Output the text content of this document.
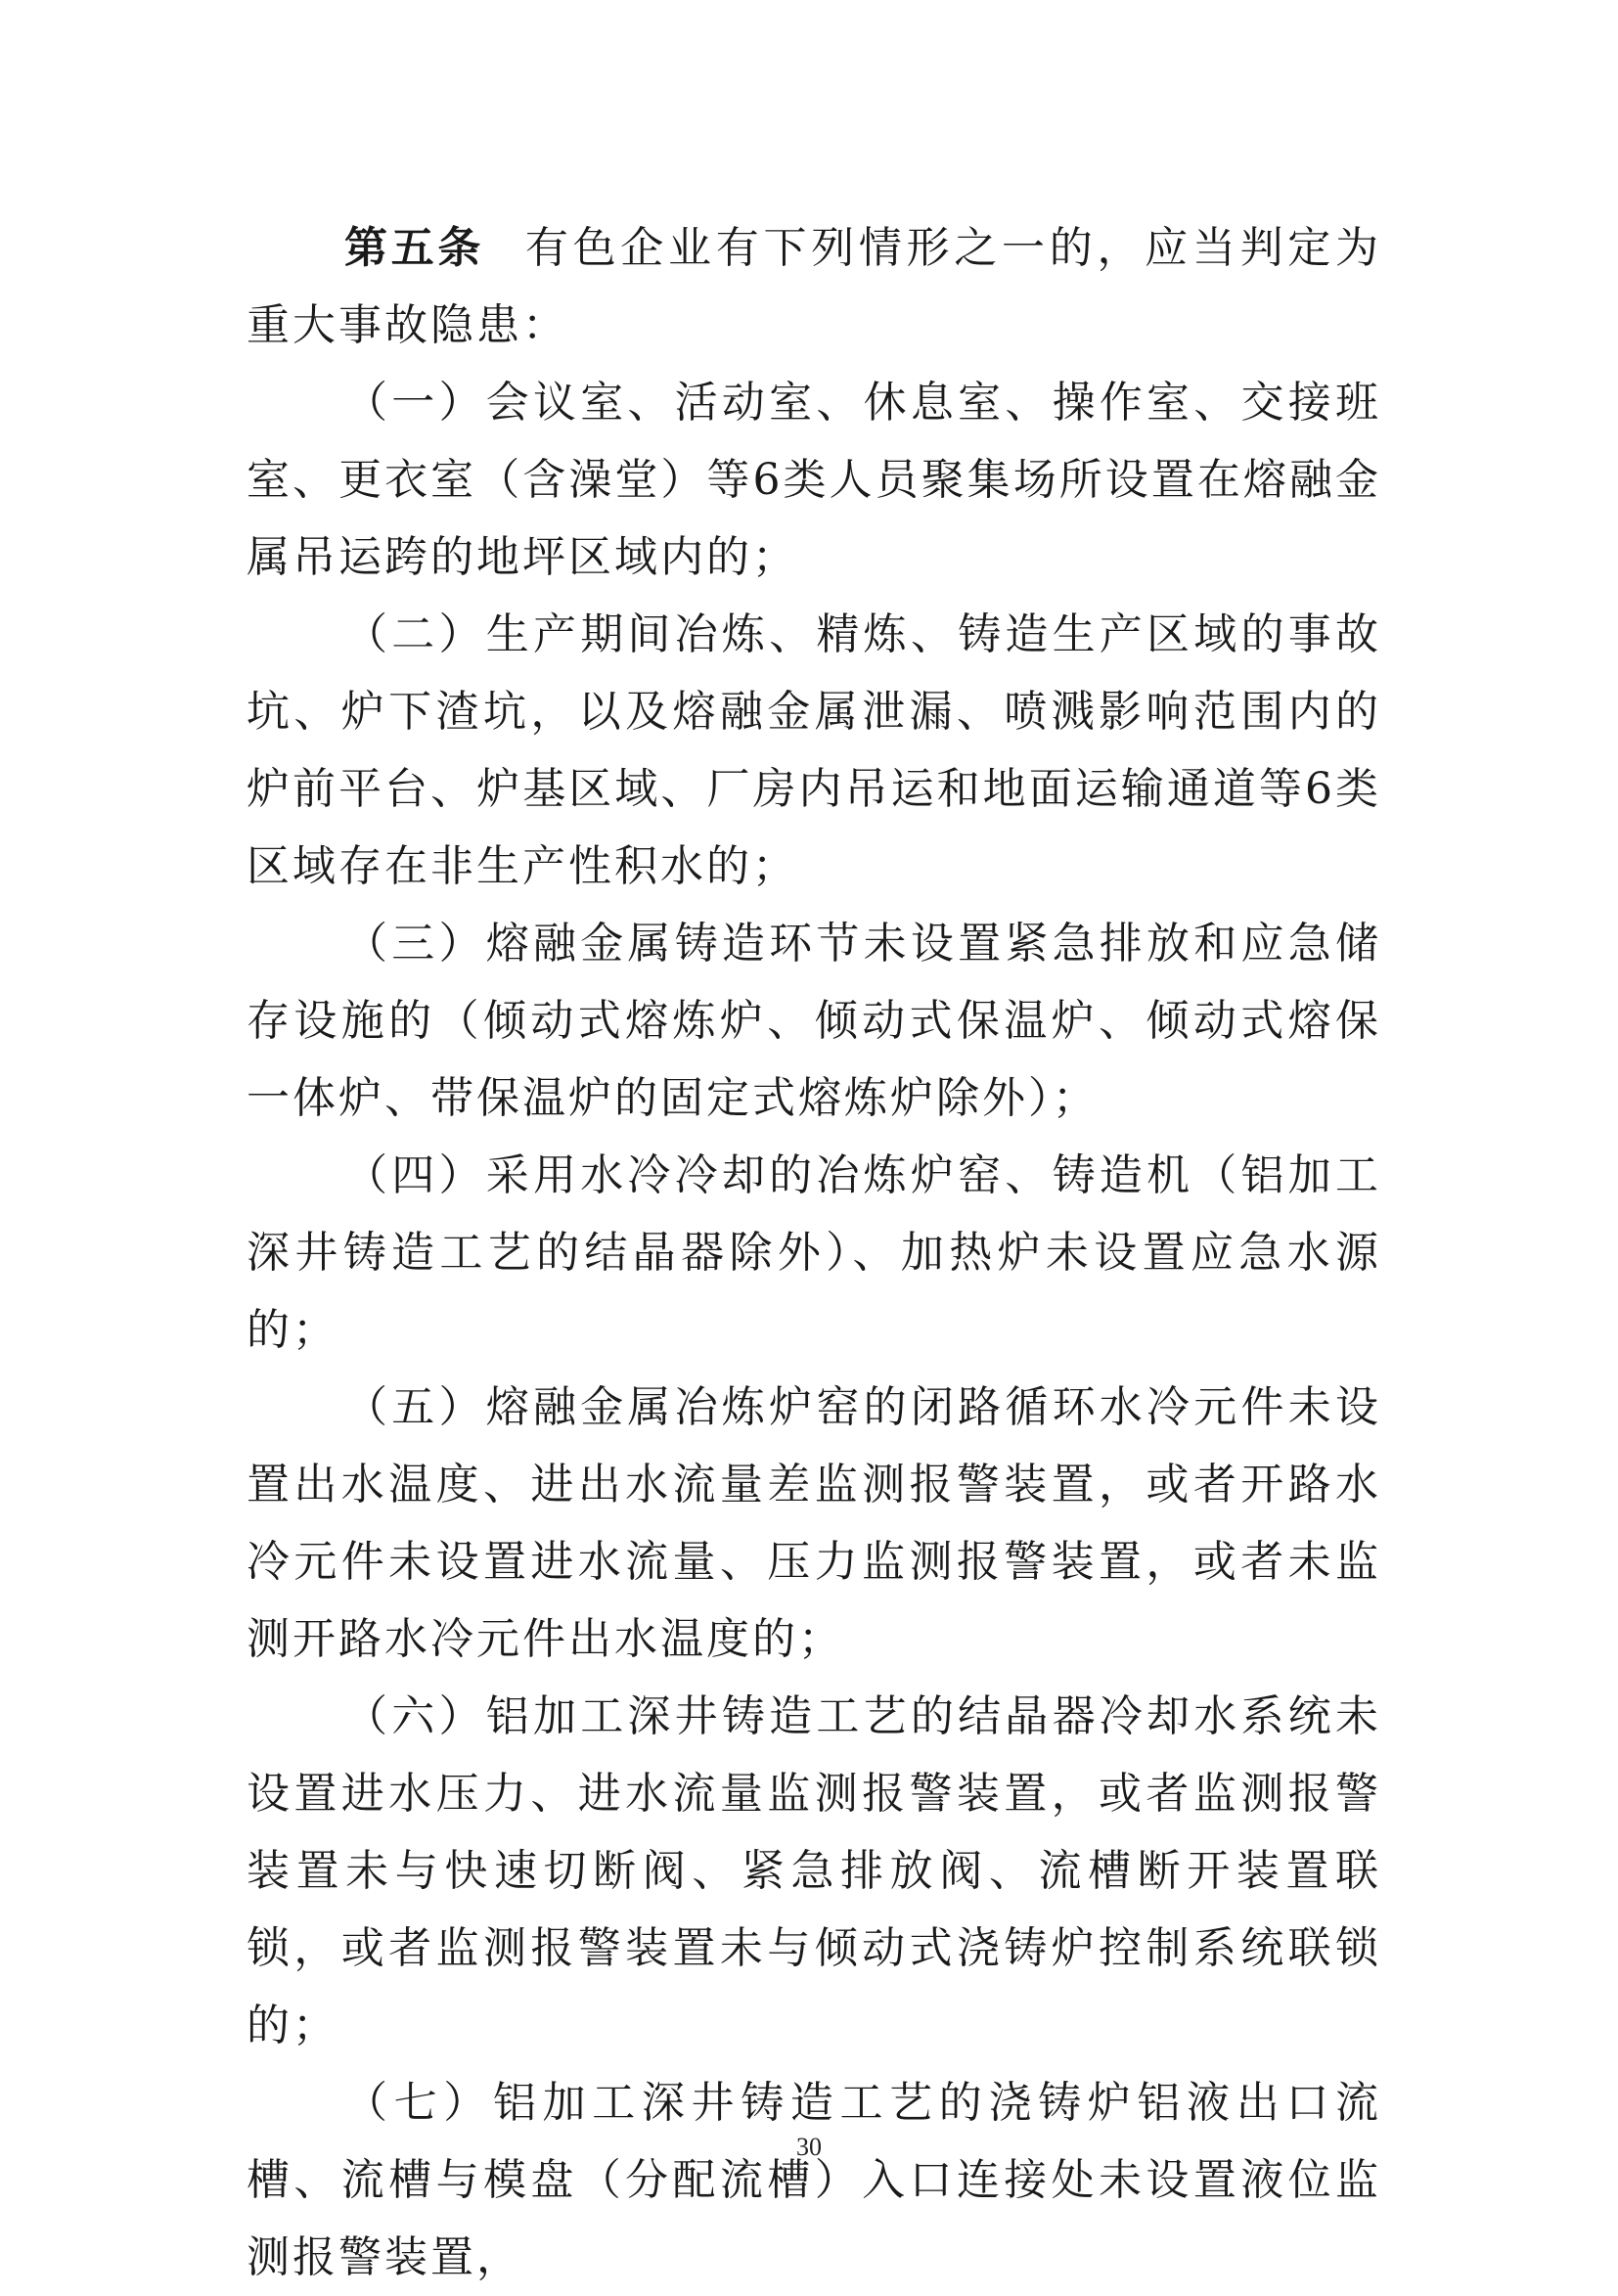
第五条 有色企业有下列情形之一的，应当判定为重大事故隐患：

（一）会议室、活动室、休息室、操作室、交接班室、更衣室（含澡堂）等6类人员聚集场所设置在熔融金属吊运跨的地坪区域内的；

（二）生产期间冶炼、精炼、铸造生产区域的事故坑、炉下渣坑，以及熔融金属泄漏、喷溅影响范围内的炉前平台、炉基区域、厂房内吊运和地面运输通道等6类区域存在非生产性积水的；

（三）熔融金属铸造环节未设置紧急排放和应急储存设施的（倾动式熔炼炉、倾动式保温炉、倾动式熔保一体炉、带保温炉的固定式熔炼炉除外）；

（四）采用水冷冷却的冶炼炉窑、铸造机（铝加工深井铸造工艺的结晶器除外）、加热炉未设置应急水源的；

（五）熔融金属冶炼炉窑的闭路循环水冷元件未设置出水温度、进出水流量差监测报警装置，或者开路水冷元件未设置进水流量、压力监测报警装置，或者未监测开路水冷元件出水温度的；

（六）铝加工深井铸造工艺的结晶器冷却水系统未设置进水压力、进水流量监测报警装置，或者监测报警装置未与快速切断阀、紧急排放阀、流槽断开装置联锁，或者监测报警装置未与倾动式浇铸炉控制系统联锁的；

（七）铝加工深井铸造工艺的浇铸炉铝液出口流槽、流槽与模盘（分配流槽）入口连接处未设置液位监测报警装置，

30
